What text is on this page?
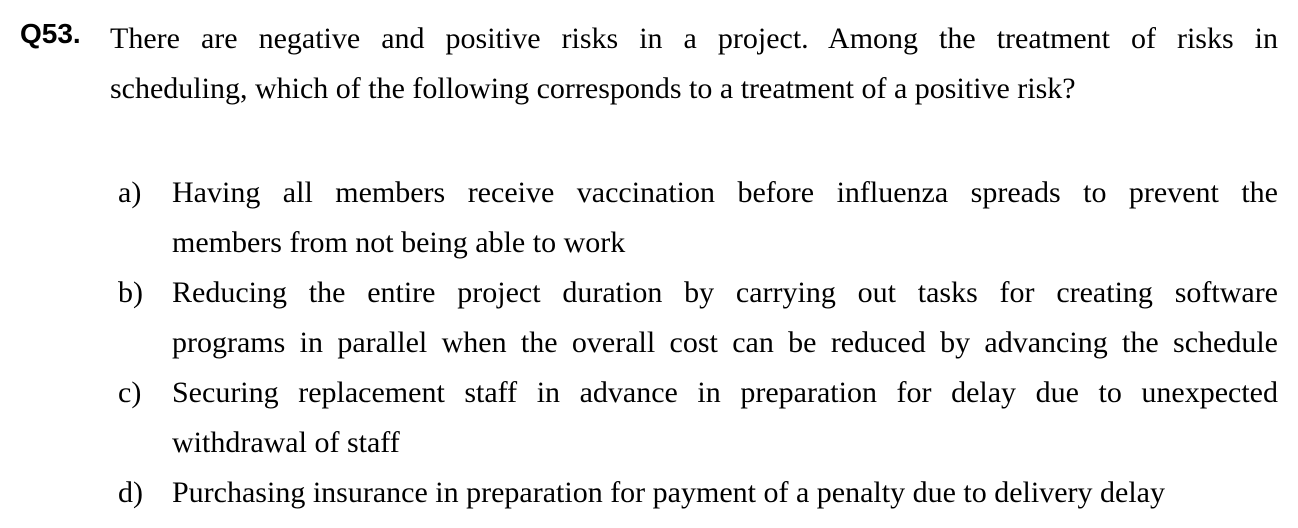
Q53. There are negative and positive risks in a project. Among the treatment of risks in
scheduling, which of the following corresponds to a treatment of a positive risk?
a) Having all members receive vaccination before influenza spreads to prevent the
members from not being able to work
b) Reducing the entire project duration by carrying out tasks for creating software
programs in parallel when the overall cost can be reduced by advancing the schedule
c) Securing replacement staff in advance in preparation for delay due to unexpected
withdrawal of staff
d) Purchasing insurance in preparation for payment of a penalty due to delivery delay
